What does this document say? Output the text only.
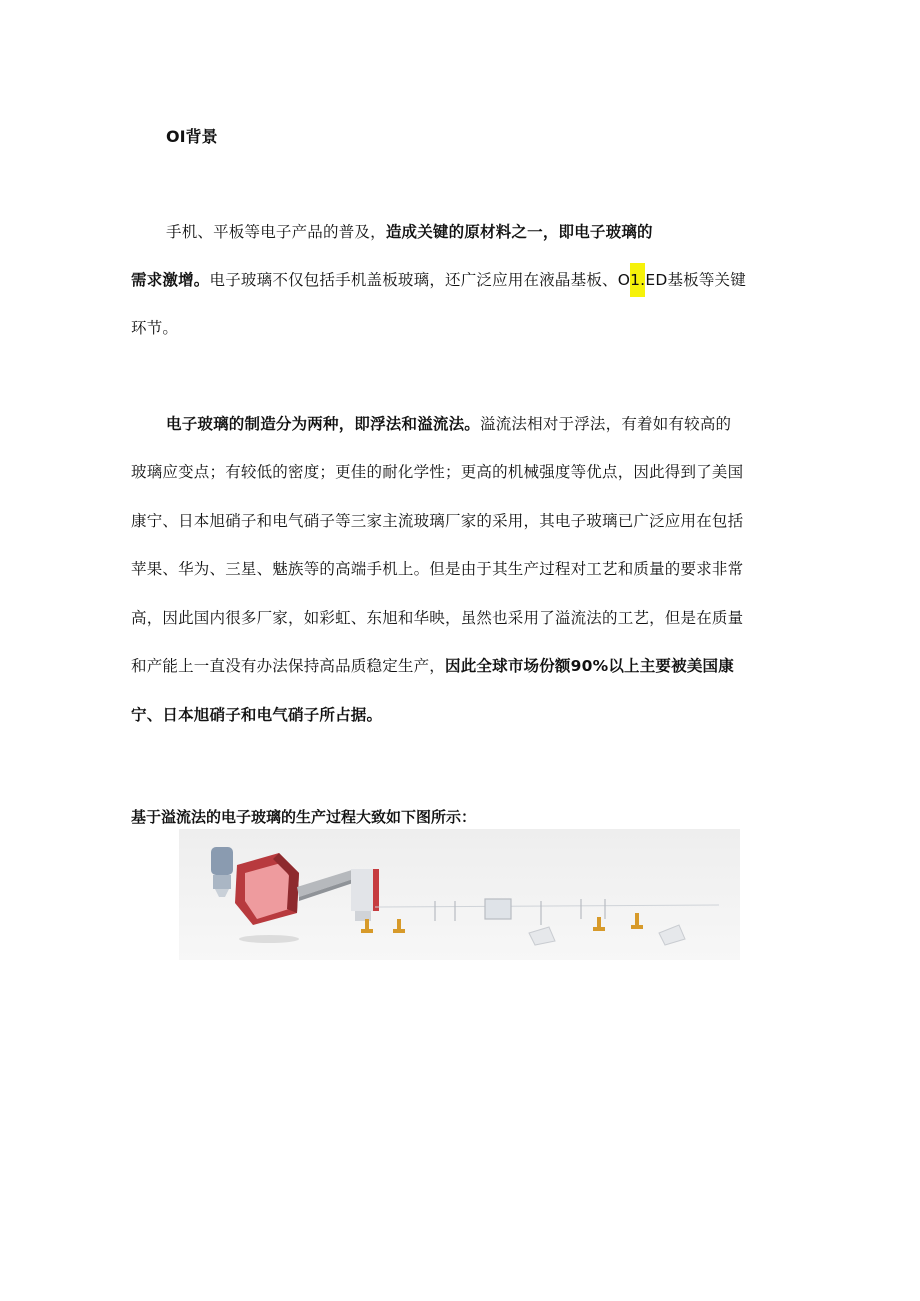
OI背景
手机、平板等电子产品的普及，造成关键的原材料之一，即电子玻璃的
需求激增。电子玻璃不仅包括手机盖板玻璃，还广泛应用在液晶基板、O1.ED基板等关键
环节。
电子玻璃的制造分为两种，即浮法和溢流法。溢流法相对于浮法，有着如有较高的
玻璃应变点；有较低的密度；更佳的耐化学性；更高的机械强度等优点，因此得到了美国
康宁、日本旭硝子和电气硝子等三家主流玻璃厂家的采用，其电子玻璃已广泛应用在包括
苹果、华为、三星、魅族等的高端手机上。但是由于其生产过程对工艺和质量的要求非常
高，因此国内很多厂家，如彩虹、东旭和华映，虽然也采用了溢流法的工艺，但是在质量
和产能上一直没有办法保持高品质稳定生产，因此全球市场份额90%以上主要被美国康
宁、日本旭硝子和电气硝子所占据。
基于溢流法的电子玻璃的生产过程大致如下图所示：
